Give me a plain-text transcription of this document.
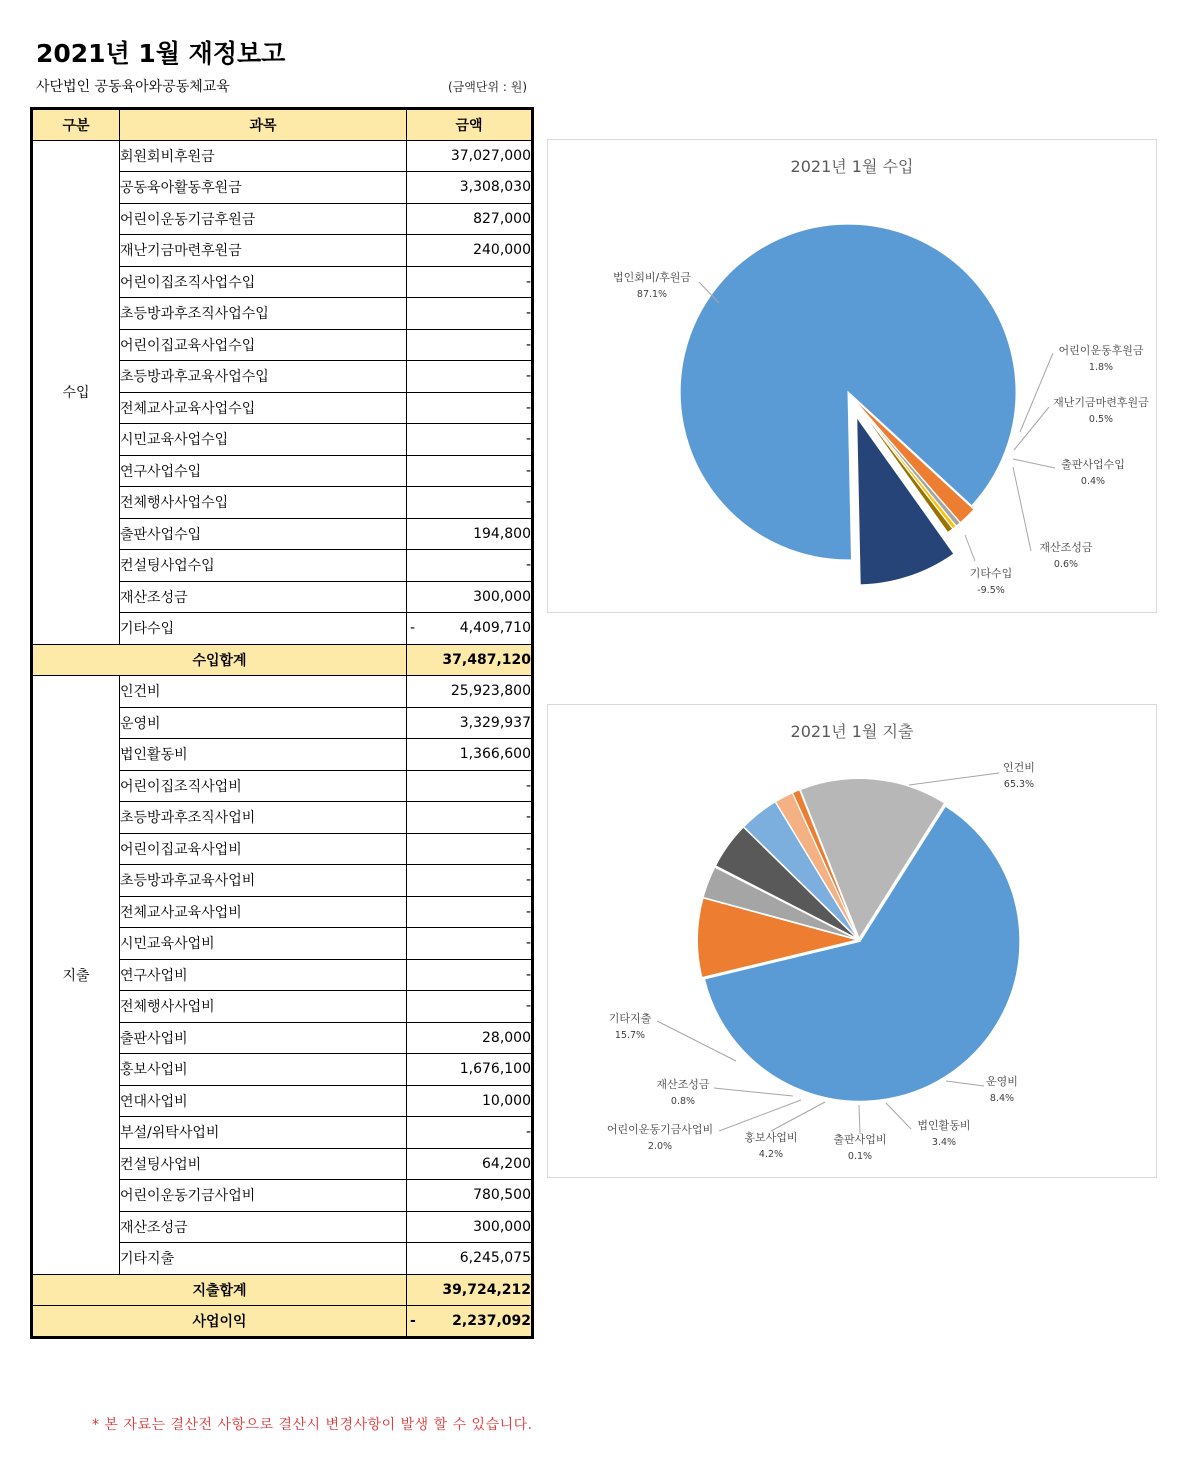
2021년 1월 재정보고
사단법인 공동육아와공동체교육	(금액단위 : 원)
구분	과목	금액
수입	회원회비후원금	37,027,000
	공동육아활동후원금	3,308,030
	어린이운동기금후원금	827,000
	재난기금마련후원금	240,000
	어린이집조직사업수입	-
	초등방과후조직사업수입	-
	어린이집교육사업수입	-
	초등방과후교육사업수입	-
	전체교사교육사업수입	-
	시민교육사업수입	-
	연구사업수입	-
	전체행사사업수입	-
	출판사업수입	194,800
	컨설팅사업수입	-
	재산조성금	300,000
	기타수입	- 4,409,710
수입합계		37,487,120
지출	인건비	25,923,800
	운영비	3,329,937
	법인활동비	1,366,600
	어린이집조직사업비	-
	초등방과후조직사업비	-
	어린이집교육사업비	-
	초등방과후교육사업비	-
	전체교사교육사업비	-
	시민교육사업비	-
	연구사업비	-
	전체행사사업비	-
	출판사업비	28,000
	홍보사업비	1,676,100
	연대사업비	10,000
	부설/위탁사업비	-
	컨설팅사업비	64,200
	어린이운동기금사업비	780,500
	재산조성금	300,000
	기타지출	6,245,075
지출합계		39,724,212
사업이익		- 2,237,092
2021년 1월 수입
법인회비/후원금
87.1%
어린이운동후원금
1.8%
재난기금마련후원금
0.5%
출판사업수입
0.4%
재산조성금
0.6%
기타수입
-9.5%
2021년 1월 지출
인건비
65.3%
운영비
8.4%
법인활동비
3.4%
출판사업비
0.1%
홍보사업비
4.2%
어린이운동기금사업비
2.0%
재산조성금
0.8%
기타지출
15.7%
* 본 자료는 결산전 사항으로 결산시 변경사항이 발생 할 수 있습니다.
